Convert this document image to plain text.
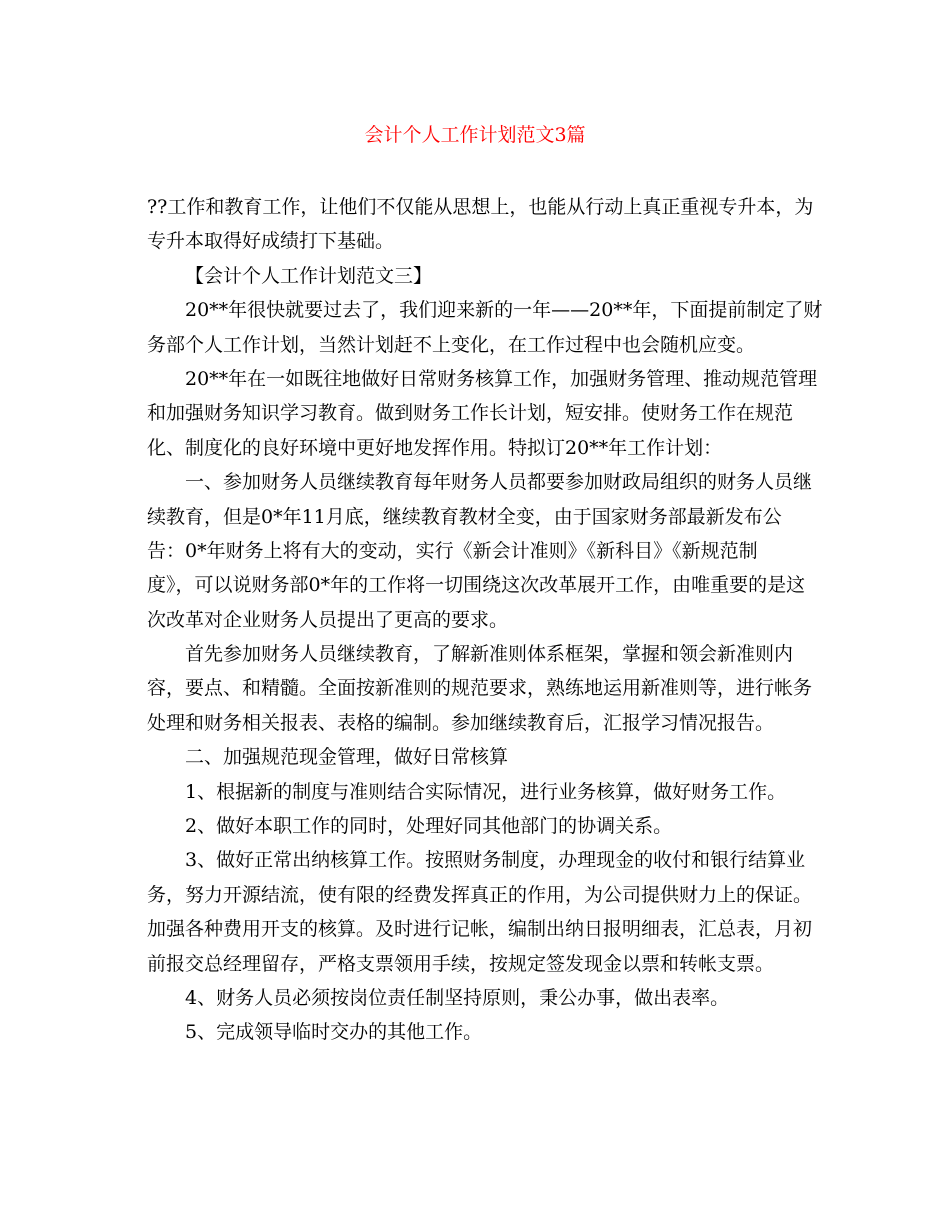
会计个人工作计划范文3篇
??工作和教育工作，让他们不仅能从思想上，也能从行动上真正重视专升本，为
专升本取得好成绩打下基础。
【会计个人工作计划范文三】
20**年很快就要过去了，我们迎来新的一年——20**年，下面提前制定了财
务部个人工作计划，当然计划赶不上变化，在工作过程中也会随机应变。
20**年在一如既往地做好日常财务核算工作，加强财务管理、推动规范管理
和加强财务知识学习教育。做到财务工作长计划，短安排。使财务工作在规范
化、制度化的良好环境中更好地发挥作用。特拟订20**年工作计划：
一、参加财务人员继续教育每年财务人员都要参加财政局组织的财务人员继
续教育，但是0*年11月底，继续教育教材全变，由于国家财务部最新发布公
告：0*年财务上将有大的变动，实行《新会计准则》《新科目》《新规范制
度》，可以说财务部0*年的工作将一切围绕这次改革展开工作，由唯重要的是这
次改革对企业财务人员提出了更高的要求。
首先参加财务人员继续教育，了解新准则体系框架，掌握和领会新准则内
容，要点、和精髓。全面按新准则的规范要求，熟练地运用新准则等，进行帐务
处理和财务相关报表、表格的编制。参加继续教育后，汇报学习情况报告。
二、加强规范现金管理，做好日常核算
1、根据新的制度与准则结合实际情况，进行业务核算，做好财务工作。
2、做好本职工作的同时，处理好同其他部门的协调关系。
3、做好正常出纳核算工作。按照财务制度，办理现金的收付和银行结算业
务，努力开源结流，使有限的经费发挥真正的作用，为公司提供财力上的保证。
加强各种费用开支的核算。及时进行记帐，编制出纳日报明细表，汇总表，月初
前报交总经理留存，严格支票领用手续，按规定签发现金以票和转帐支票。
4、财务人员必须按岗位责任制坚持原则，秉公办事，做出表率。
5、完成领导临时交办的其他工作。
